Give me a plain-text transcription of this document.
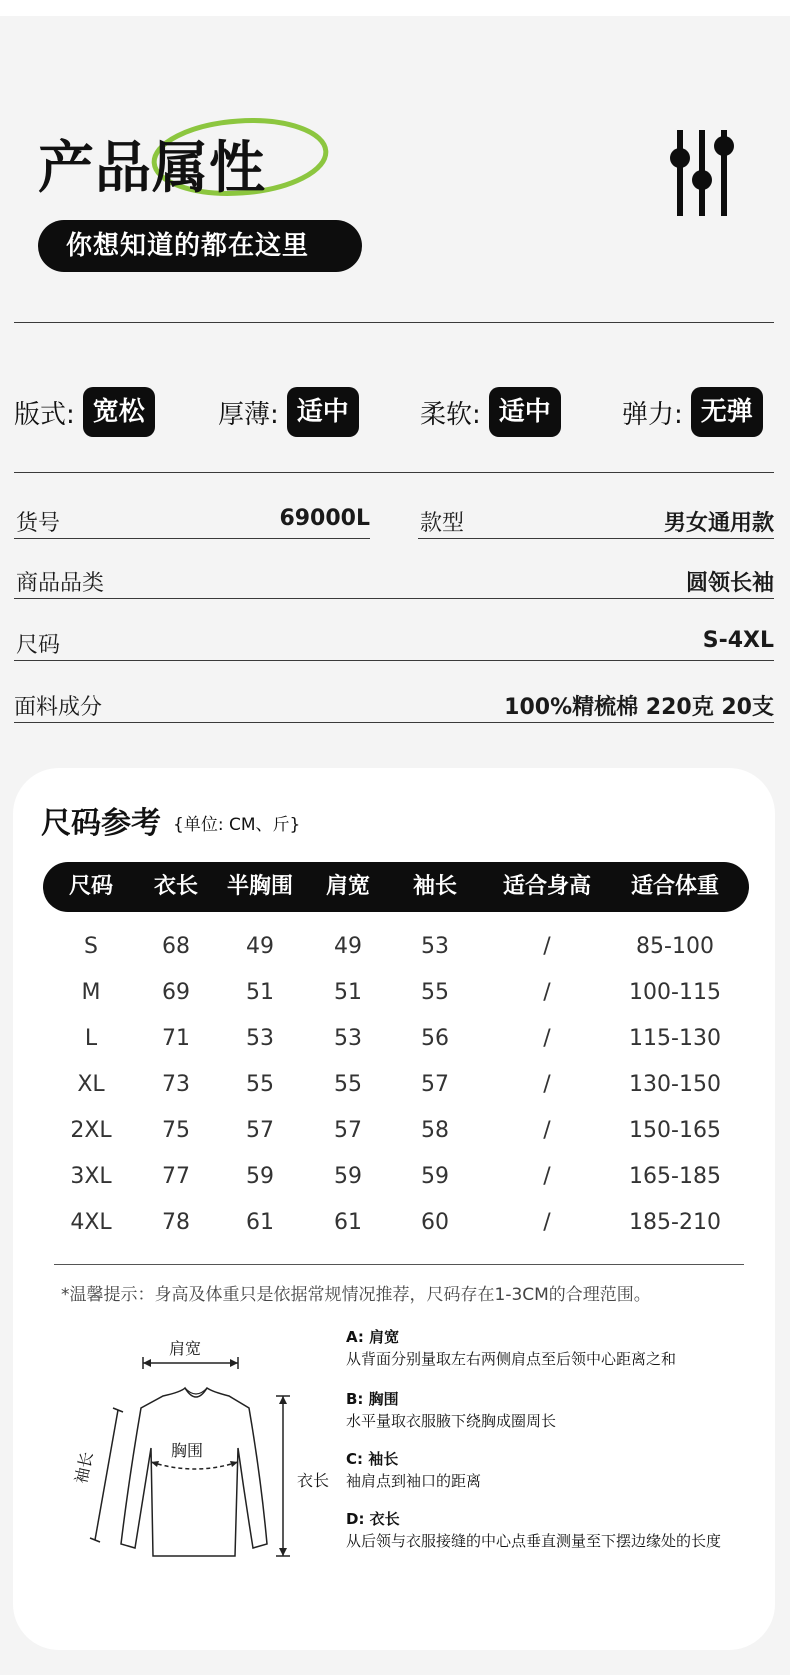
产品属性
你想知道的都在这里
版式: 宽松	厚薄: 适中	柔软: 适中	弹力: 无弹
货号	69000L 款型	男女通用款
商品品类	圆领长袖
尺码	S-4XL
面料成分	100%精梳棉 220克 20支
尺码参考 {单位: CM、斤}
尺码 衣长 半胸围 肩宽 袖长 适合身高 适合体重
S	68	49	49	53	/	85-100
M	69	51	51	55	/	100-115
L	71	53	53	56	/	115-130
XL	73	55	55	57	/	130-150
2XL 75	57	57	58	/	150-165
3XL 77	59	59	59	/	165-185
4XL 78	61	61	60	/	185-210
*温馨提示：身高及体重只是依据常规情况推荐，尺码存在1-3CM的合理范围。
肩宽
胸围
袖长	衣长
A: 肩宽
从背面分别量取左右两侧肩点至后领中心距离之和
B: 胸围
水平量取衣服腋下绕胸成圈周长
C: 袖长
袖肩点到袖口的距离
D: 衣长
从后领与衣服接缝的中心点垂直测量至下摆边缘处的长度
